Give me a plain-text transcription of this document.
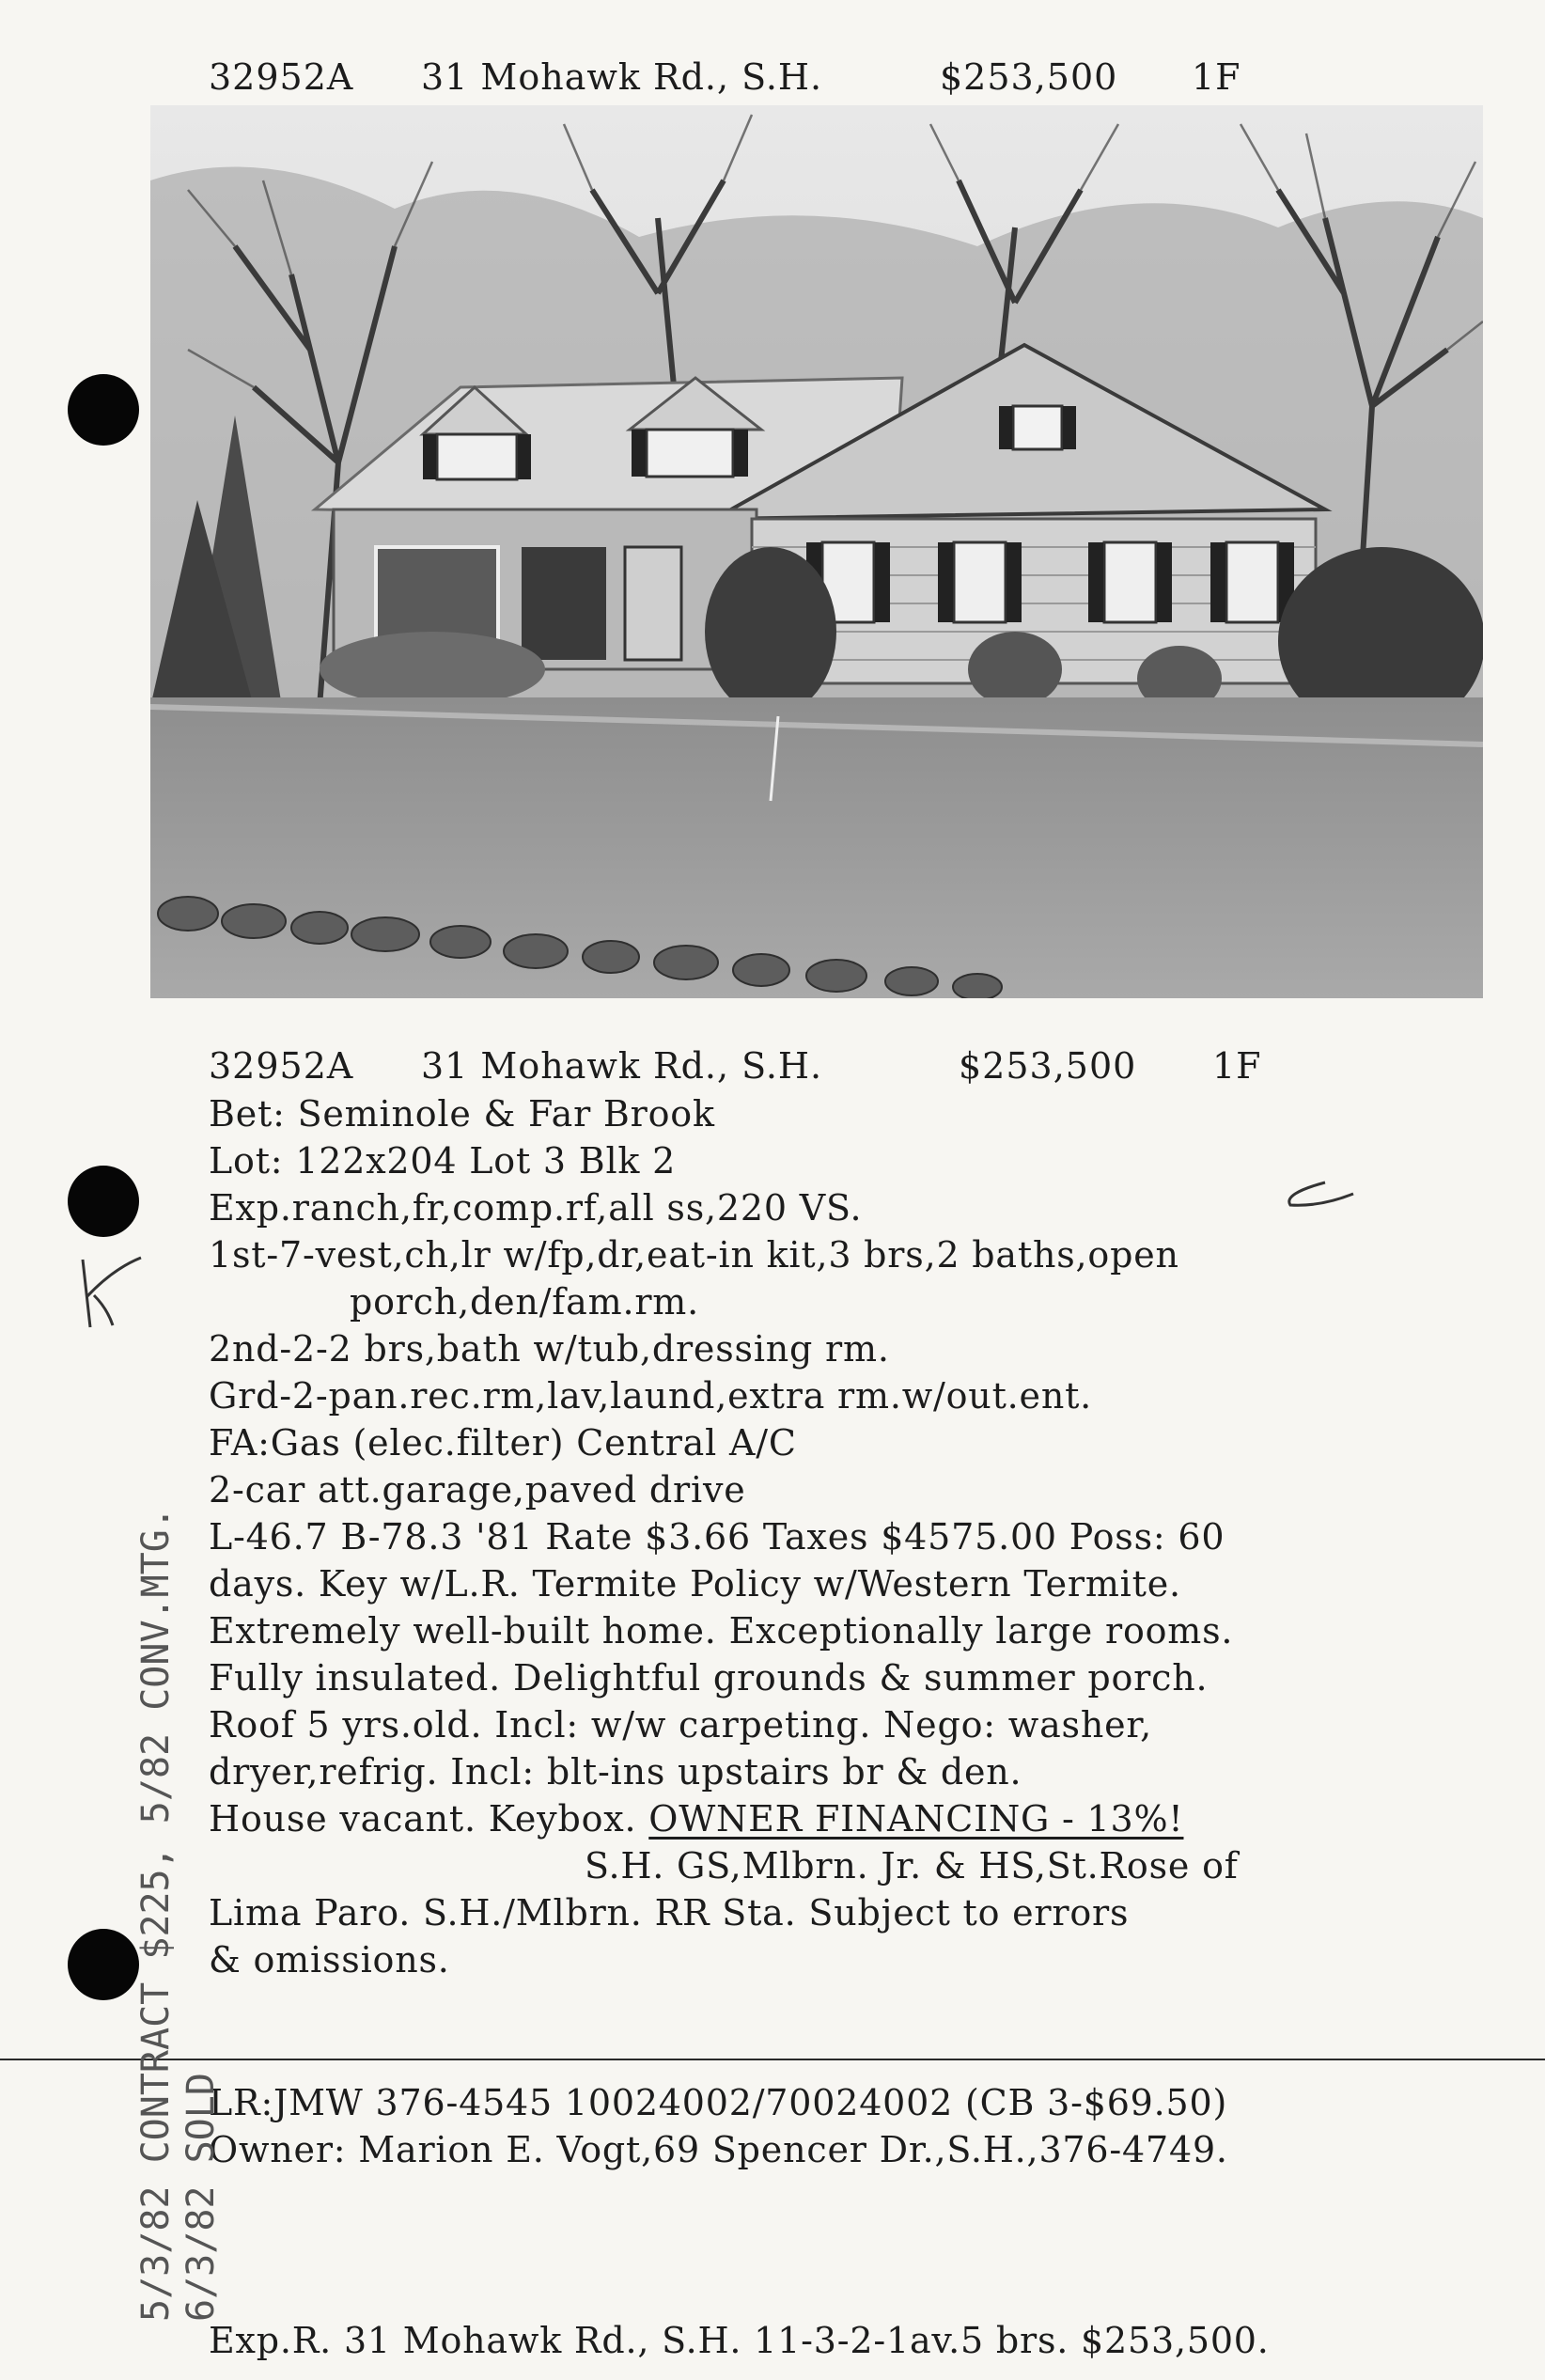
32952A 31 Mohawk Rd., S.H.	$253,500 1F
32952A 31 Mohawk Rd., S.H.	$253,500 1F
Bet: Seminole & Far Brook
Lot: 122x204 Lot 3 Blk 2
Exp.ranch,fr,comp.rf,all ss,220 VS.
1st-7-vest,ch,lr w/fp,dr,eat-in kit,3 brs,2 baths,open
porch,den/fam.rm.
2nd-2-2 brs,bath w/tub,dressing rm.
Grd-2-pan.rec.rm,lav,laund,extra rm.w/out.ent.
FA:Gas (elec.filter) Central A/C
2-car att.garage,paved drive
L-46.7 B-78.3 '81 Rate $3.66 Taxes $4575.00 Poss: 60
days. Key w/L.R. Termite Policy w/Western Termite.
Extremely well-built home. Exceptionally large rooms.
Fully insulated. Delightful grounds & summer porch.
Roof 5 yrs.old. Incl: w/w carpeting. Nego: washer,
dryer,refrig. Incl: blt-ins upstairs br & den.
House vacant. Keybox. OWNER FINANCING - 13%!
S.H. GS,Mlbrn. Jr. & HS,St.Rose of
Lima Paro. S.H./Mlbrn. RR Sta. Subject to errors
& omissions.
LR:JMW 376-4545 10024002/70024002 (CB 3-$69.50)
Owner: Marion E. Vogt,69 Spencer Dr.,S.H.,376-4749.
Exp.R. 31 Mohawk Rd., S.H. 11-3-2-1av.5 brs. $253,500.
5/3/82 CONTRACT $225, 5/82 CONV.MTG. 6/3/82 SOLD
